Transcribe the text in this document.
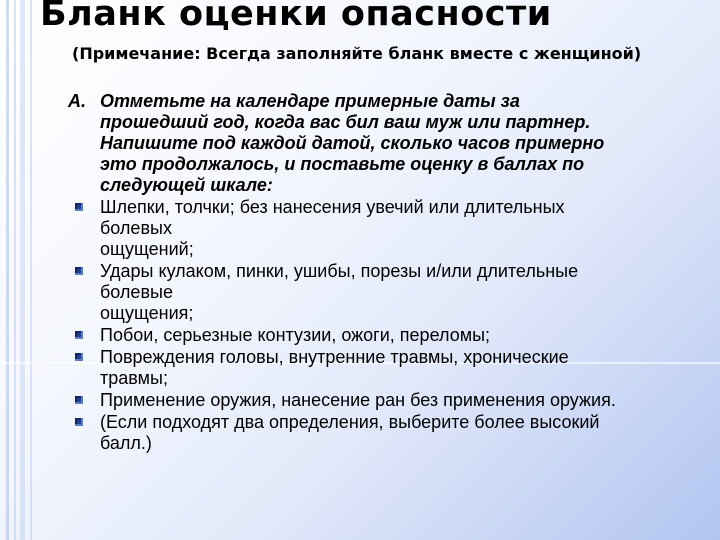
Бланк оценки опасности
(Примечание: Всегда заполняйте бланк вместе с женщиной)
A. Отметьте на календаре примерные даты за
прошедший год, когда вас бил ваш муж или партнер.
Напишите под каждой датой, сколько часов примерно
это продолжалось, и поставьте оценку в баллах по
следующей шкале:
Шлепки, толчки; без нанесения увечий или длительных
болевых
ощущений;
Удары кулаком, пинки, ушибы, порезы и/или длительные
болевые
ощущения;
Побои, серьезные контузии, ожоги, переломы;
Повреждения головы, внутренние травмы, хронические
травмы;
Применение оружия, нанесение ран без применения оружия.
(Если подходят два определения, выберите более высокий
балл.)
